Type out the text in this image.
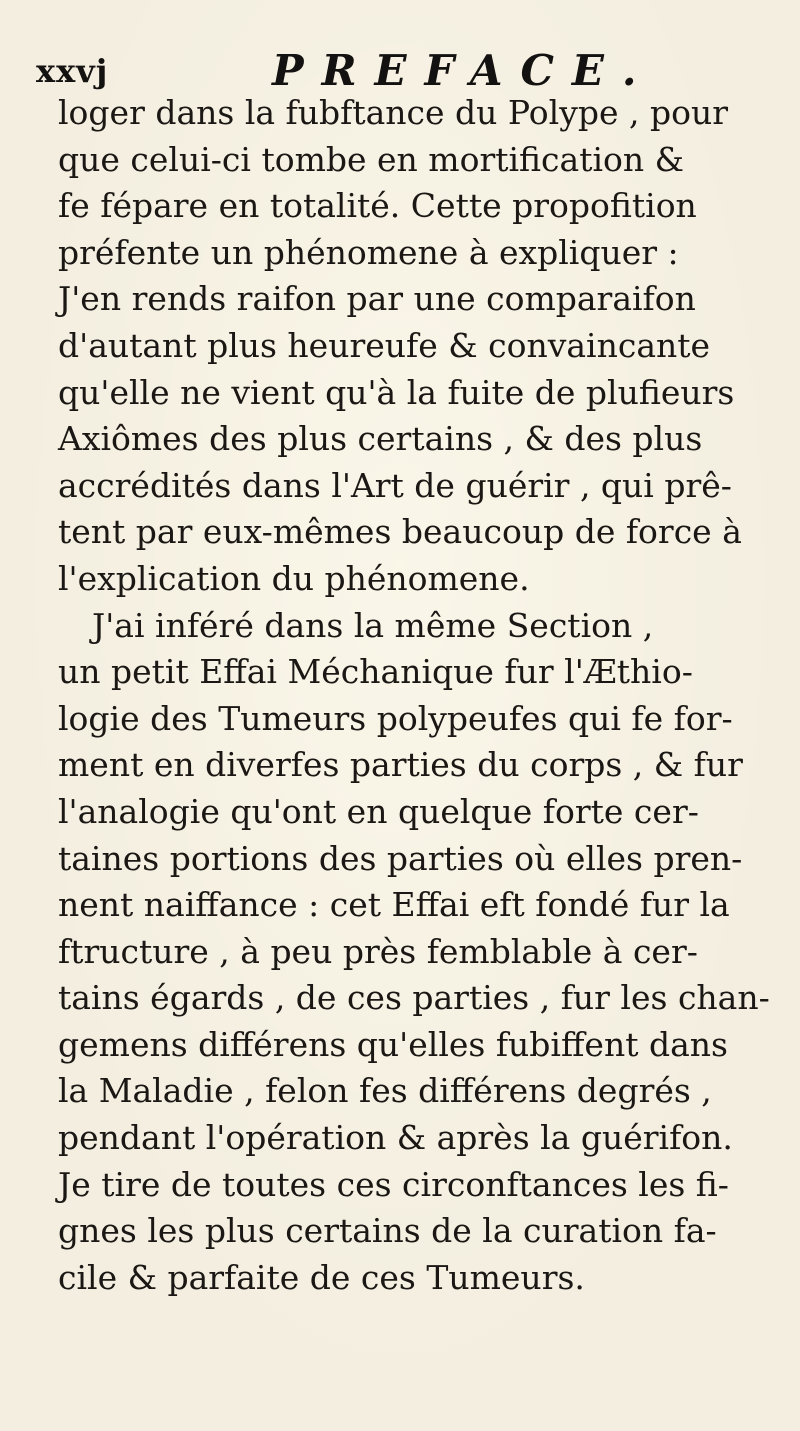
xxvj	PREFACE.
loger dans la fubftance du Polype , pour
que celui-ci tombe en mortification &
fe fépare en totalité. Cette propofition
préfente un phénomene à expliquer :
J'en rends raifon par une comparaifon
d'autant plus heureufe & convaincante
qu'elle ne vient qu'à la fuite de plufieurs
Axiômes des plus certains , & des plus
accrédités dans l'Art de guérir , qui prê-
tent par eux-mêmes beaucoup de force à
l'explication du phénomene.
J'ai inféré dans la même Section ,
un petit Effai Méchanique fur l'Æthio-
logie des Tumeurs polypeufes qui fe for-
ment en diverfes parties du corps , & fur
l'analogie qu'ont en quelque forte cer-
taines portions des parties où elles pren-
nent naiffance : cet Effai eft fondé fur la
ftructure , à peu près femblable à cer-
tains égards , de ces parties , fur les chan-
gemens différens qu'elles fubiffent dans
la Maladie , felon fes différens degrés ,
pendant l'opération & après la guérifon.
Je tire de toutes ces circonftances les fi-
gnes les plus certains de la curation fa-
cile & parfaite de ces Tumeurs.
